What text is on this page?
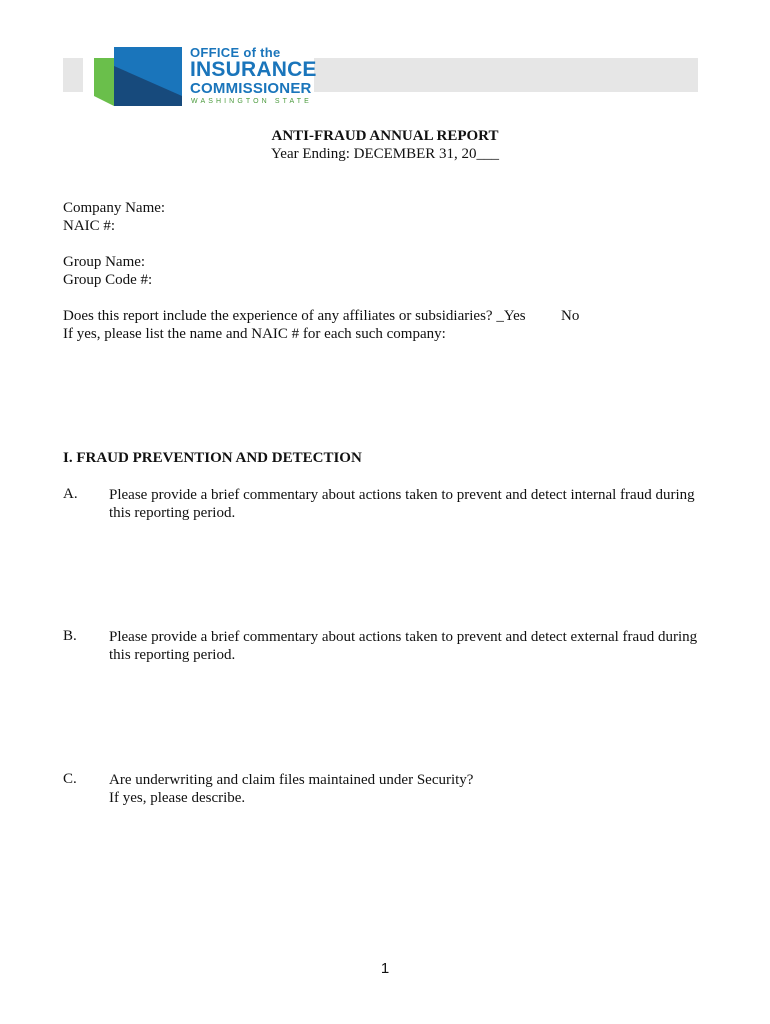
OFFICE of the
INSURANCE
COMMISSIONER
WASHINGTON STATE
ANTI-FRAUD ANNUAL REPORT
Year Ending: DECEMBER 31, 20___
Company Name:
NAIC #:
Group Name:
Group Code #:
Does this report include the experience of any affiliates or subsidiaries? _Yes No
If yes, please list the name and NAIC # for each such company:
I. FRAUD PREVENTION AND DETECTION
A. Please provide a brief commentary about actions taken to prevent and detect internal fraud during
this reporting period.
B. Please provide a brief commentary about actions taken to prevent and detect external fraud during
this reporting period.
C. Are underwriting and claim files maintained under Security?
If yes, please describe.
1
